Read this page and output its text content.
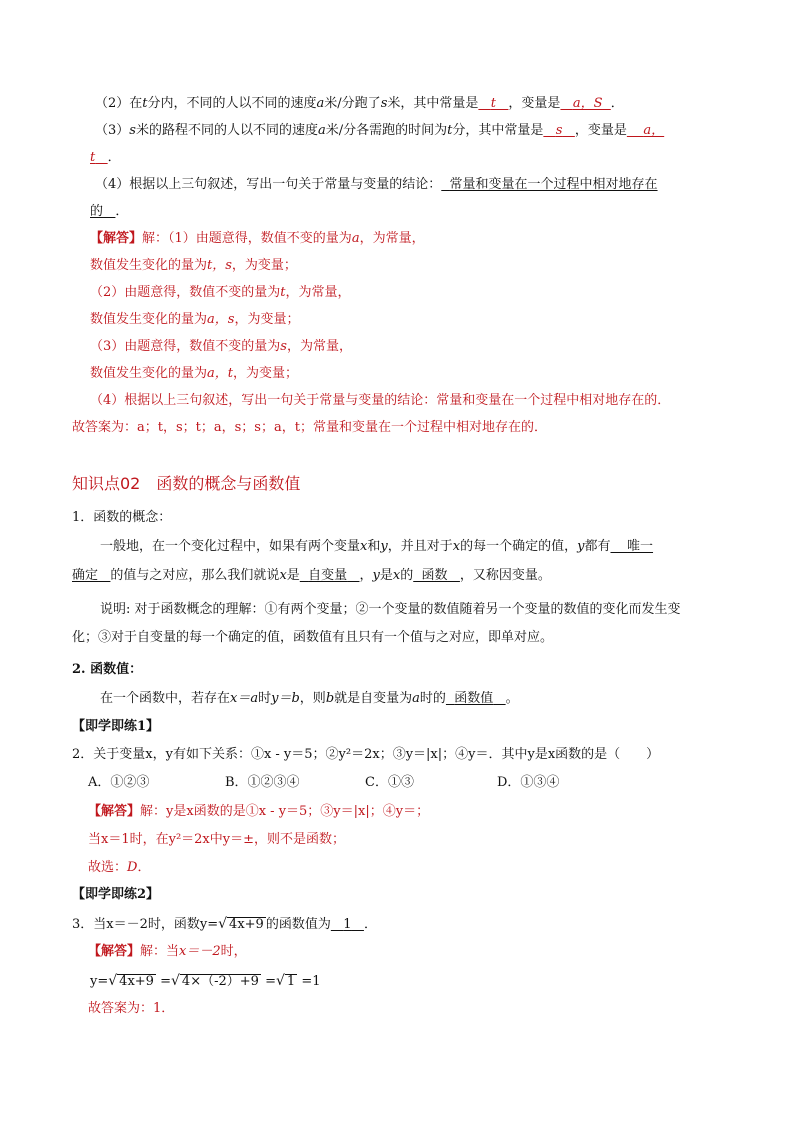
（2）在t分内，不同的人以不同的速度a米/分跑了s米，其中常量是 t ，变量是 a，S ．
（3）s米的路程不同的人以不同的速度a米/分各需跑的时间为t分，其中常量是 s ，变量是 a，
t ．
（4）根据以上三句叙述，写出一句关于常量与变量的结论： 常量和变量在一个过程中相对地存在
的 ．
【解答】解：（1）由题意得，数值不变的量为a，为常量，
数值发生变化的量为t，s，为变量；
（2）由题意得，数值不变的量为t，为常量，
数值发生变化的量为a，s，为变量；
（3）由题意得，数值不变的量为s，为常量，
数值发生变化的量为a，t，为变量；
（4）根据以上三句叙述，写出一句关于常量与变量的结论：常量和变量在一个过程中相对地存在的．
故答案为：a；t，s；t；a，s；s；a，t；常量和变量在一个过程中相对地存在的．
知识点02　函数的概念与函数值
1．函数的概念：
一般地，在一个变化过程中，如果有两个变量x和y，并且对于x的每一个确定的值，y都有 唯一
确定 的值与之对应，那么我们就说x是 自变量 ，y是x的 函数 ，又称因变量。
说明: 对于函数概念的理解：①有两个变量；②一个变量的数值随着另一个变量的数值的变化而发生变
化；③对于自变量的每一个确定的值，函数值有且只有一个值与之对应，即单对应。
2. 函数值：
在一个函数中，若存在x＝a时y＝b，则b就是自变量为a时的 函数值 。
【即学即练1】
2．关于变量x，y有如下关系：①x - y＝5；②y²＝2x；③y＝|x|；④y＝．其中y是x函数的是（　　）
A．①②③	B．①②③④	C．①③	D．①③④
【解答】解：y是x函数的是①x - y＝5；③y＝|x|；④y＝；
当x＝1时，在y²＝2x中y＝±，则不是函数；
故选：D．
【即学即练2】
3．当x＝－2时，函数y=√ 4x+9 的函数值为 1 ．
【解答】解：当x＝－2时，
y=√ 4x+9 =√ 4×（-2）+9 =√ 1 =1
故答案为：1．
